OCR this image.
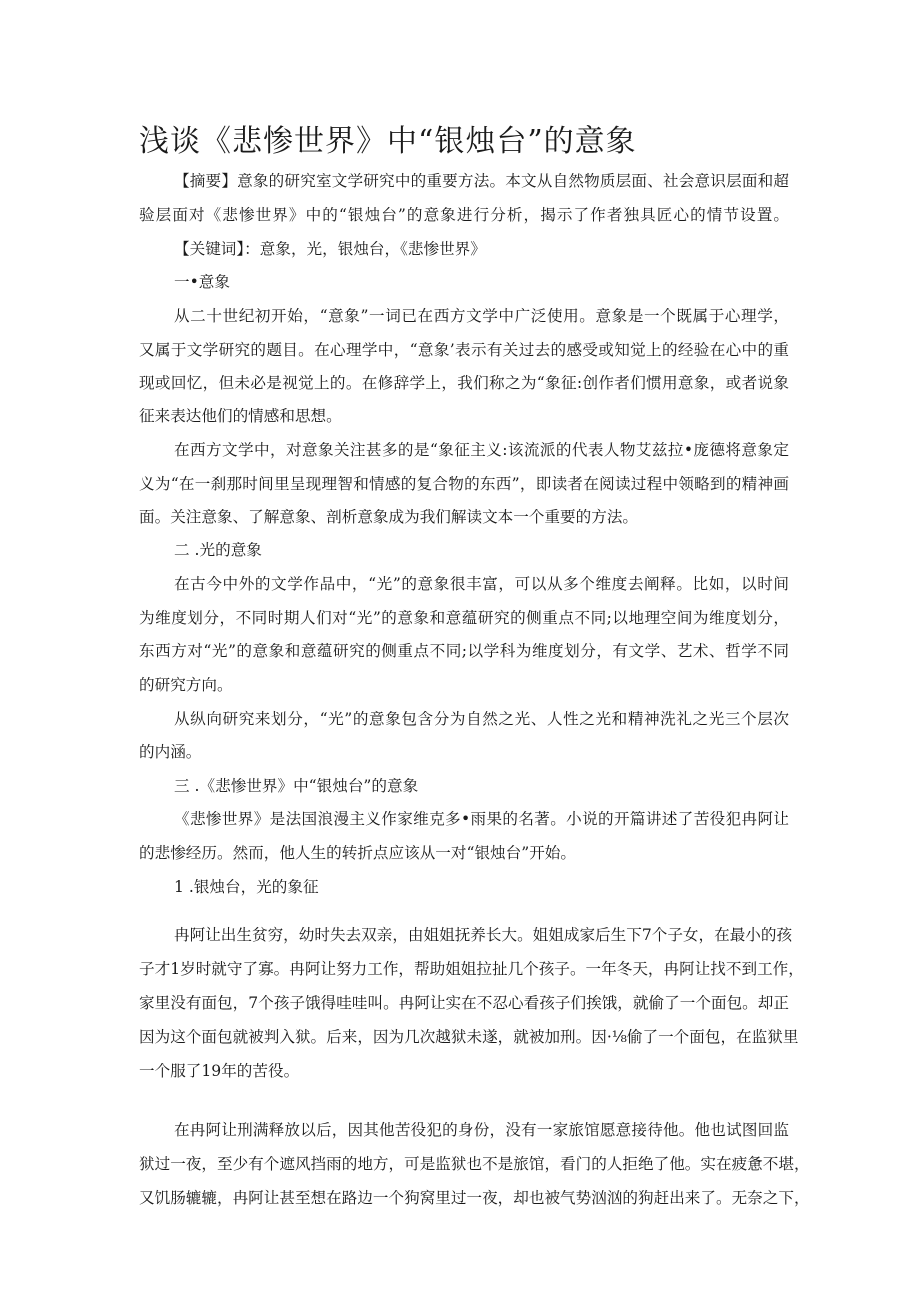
浅谈《悲惨世界》中“银烛台”的意象
【摘要】意象的研究室文学研究中的重要方法。本文从自然物质层面、社会意识层面和超
验层面对《悲惨世界》中的“银烛台”的意象进行分析，揭示了作者独具匠心的情节设置。
【关键词】：意象，光，银烛台，《悲惨世界》
一•意象
从二十世纪初开始，“意象”一词已在西方文学中广泛使用。意象是一个既属于心理学，
又属于文学研究的题目。在心理学中，“意象’表示有关过去的感受或知觉上的经验在心中的重
现或回忆，但未必是视觉上的。在修辞学上，我们称之为“象征:创作者们惯用意象，或者说象
征来表达他们的情感和思想。
在西方文学中，对意象关注甚多的是“象征主义:该流派的代表人物艾兹拉•庞德将意象定
义为“在一刹那时间里呈现理智和情感的复合物的东西”，即读者在阅读过程中领略到的精神画
面。关注意象、了解意象、剖析意象成为我们解读文本一个重要的方法。
二 .光的意象
在古今中外的文学作品中，“光”的意象很丰富，可以从多个维度去阐释。比如，以时间
为维度划分，不同时期人们对“光”的意象和意蕴研究的侧重点不同;以地理空间为维度划分，
东西方对“光”的意象和意蕴研究的侧重点不同;以学科为维度划分，有文学、艺术、哲学不同
的研究方向。
从纵向研究来划分，“光”的意象包含分为自然之光、人性之光和精神洗礼之光三个层次
的内涵。
三 .《悲惨世界》中“银烛台”的意象
《悲惨世界》是法国浪漫主义作家维克多•雨果的名著。小说的开篇讲述了苦役犯冉阿让
的悲惨经历。然而，他人生的转折点应该从一对“银烛台”开始。
1 .银烛台，光的象征
冉阿让出生贫穷，幼时失去双亲，由姐姐抚养长大。姐姐成家后生下7个子女，在最小的孩
子才1岁时就守了寡。冉阿让努力工作，帮助姐姐拉扯几个孩子。一年冬天，冉阿让找不到工作，
家里没有面包，7个孩子饿得哇哇叫。冉阿让实在不忍心看孩子们挨饿，就偷了一个面包。却正
因为这个面包就被判入狱。后来，因为几次越狱未遂，就被加刑。因·⅛偷了一个面包，在监狱里
一个服了19年的苦役。
在冉阿让刑满释放以后，因其他苦役犯的身份，没有一家旅馆愿意接待他。他也试图回监
狱过一夜，至少有个遮风挡雨的地方，可是监狱也不是旅馆，看门的人拒绝了他。实在疲惫不堪，
又饥肠辘辘，冉阿让甚至想在路边一个狗窝里过一夜，却也被气势汹汹的狗赶出来了。无奈之下，
